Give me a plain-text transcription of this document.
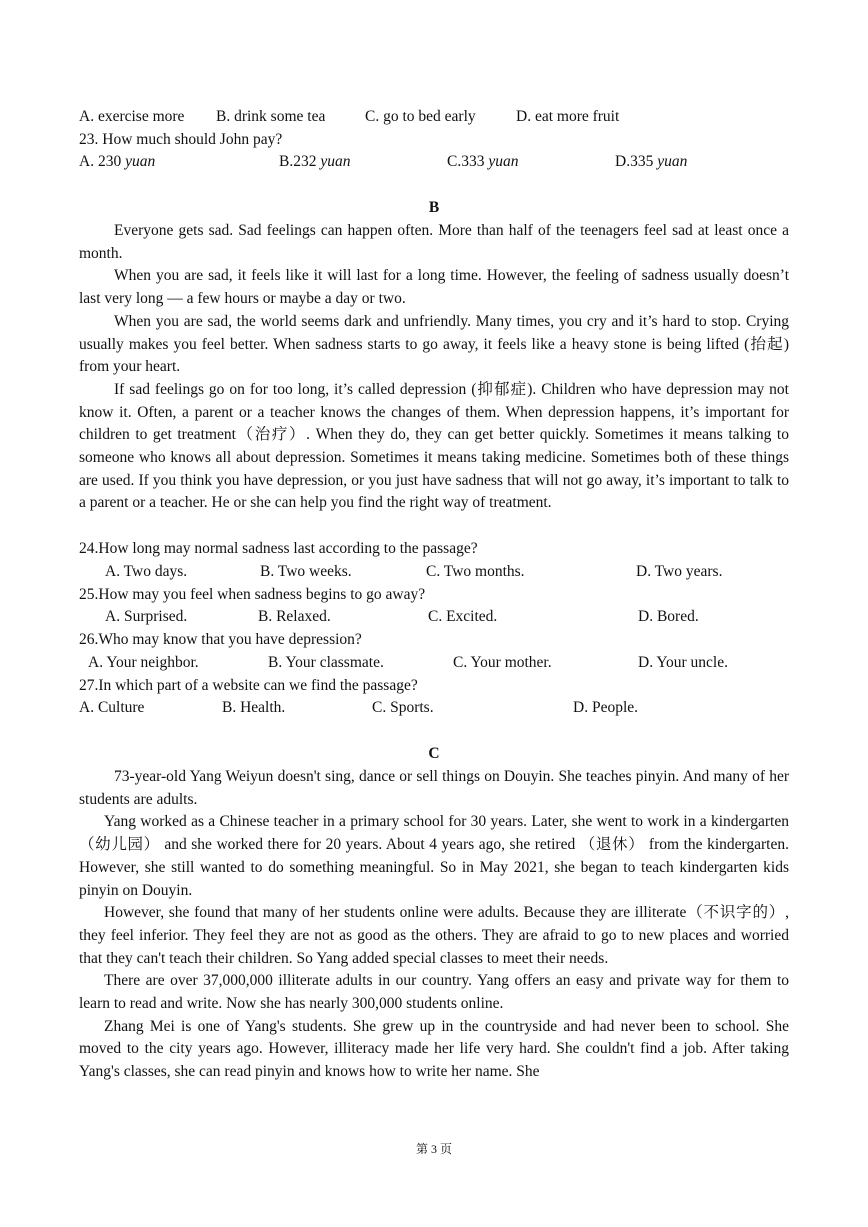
A. exercise more B. drink some tea	C. go to bed early	D. eat more fruit
23. How much should John pay?
A. 230 yuan	B.232 yuan	C.333 yuan	D.335 yuan
B

Everyone gets sad. Sad feelings can happen often. More than half of the teenagers feel sad at least once a month.

When you are sad, it feels like it will last for a long time. However, the feeling of sadness usually doesn’t last very long — a few hours or maybe a day or two.

When you are sad, the world seems dark and unfriendly. Many times, you cry and it’s hard to stop. Crying usually makes you feel better. When sadness starts to go away, it feels like a heavy stone is being lifted (抬起) from your heart.

If sad feelings go on for too long, it’s called depression (抑郁症). Children who have depression may not know it. Often, a parent or a teacher knows the changes of them. When depression happens, it’s important for children to get treatment（治疗）. When they do, they can get better quickly. Sometimes it means talking to someone who knows all about depression. Sometimes it means taking medicine. Sometimes both of these things are used. If you think you have depression, or you just have sadness that will not go away, it’s important to talk to a parent or a teacher. He or she can help you find the right way of treatment.

24.How long may normal sadness last according to the passage?
A. Two days.	B. Two weeks.	C. Two months.	D. Two years.
25.How may you feel when sadness begins to go away?
A. Surprised.	B. Relaxed.	C. Excited.	D. Bored.
26.Who may know that you have depression?
A. Your neighbor.	B. Your classmate.	C. Your mother.	D. Your uncle.
27.In which part of a website can we find the passage?
A. Culture	B. Health.	C. Sports.	D. People.
C

73-year-old Yang Weiyun doesn't sing, dance or sell things on Douyin. She teaches pinyin. And many of her students are adults.

Yang worked as a Chinese teacher in a primary school for 30 years. Later, she went to work in a kindergarten （幼儿园） and she worked there for 20 years. About 4 years ago, she retired （退休） from the kindergarten. However, she still wanted to do something meaningful. So in May 2021, she began to teach kindergarten kids pinyin on Douyin.

However, she found that many of her students online were adults. Because they are illiterate（不识字的）, they feel inferior. They feel they are not as good as the others. They are afraid to go to new places and worried that they can't teach their children. So Yang added special classes to meet their needs.

There are over 37,000,000 illiterate adults in our country. Yang offers an easy and private way for them to learn to read and write. Now she has nearly 300,000 students online.

Zhang Mei is one of Yang's students. She grew up in the countryside and had never been to school. She moved to the city years ago. However, illiteracy made her life very hard. She couldn't find a job. After taking Yang's classes, she can read pinyin and knows how to write her name. She

第 3 页
